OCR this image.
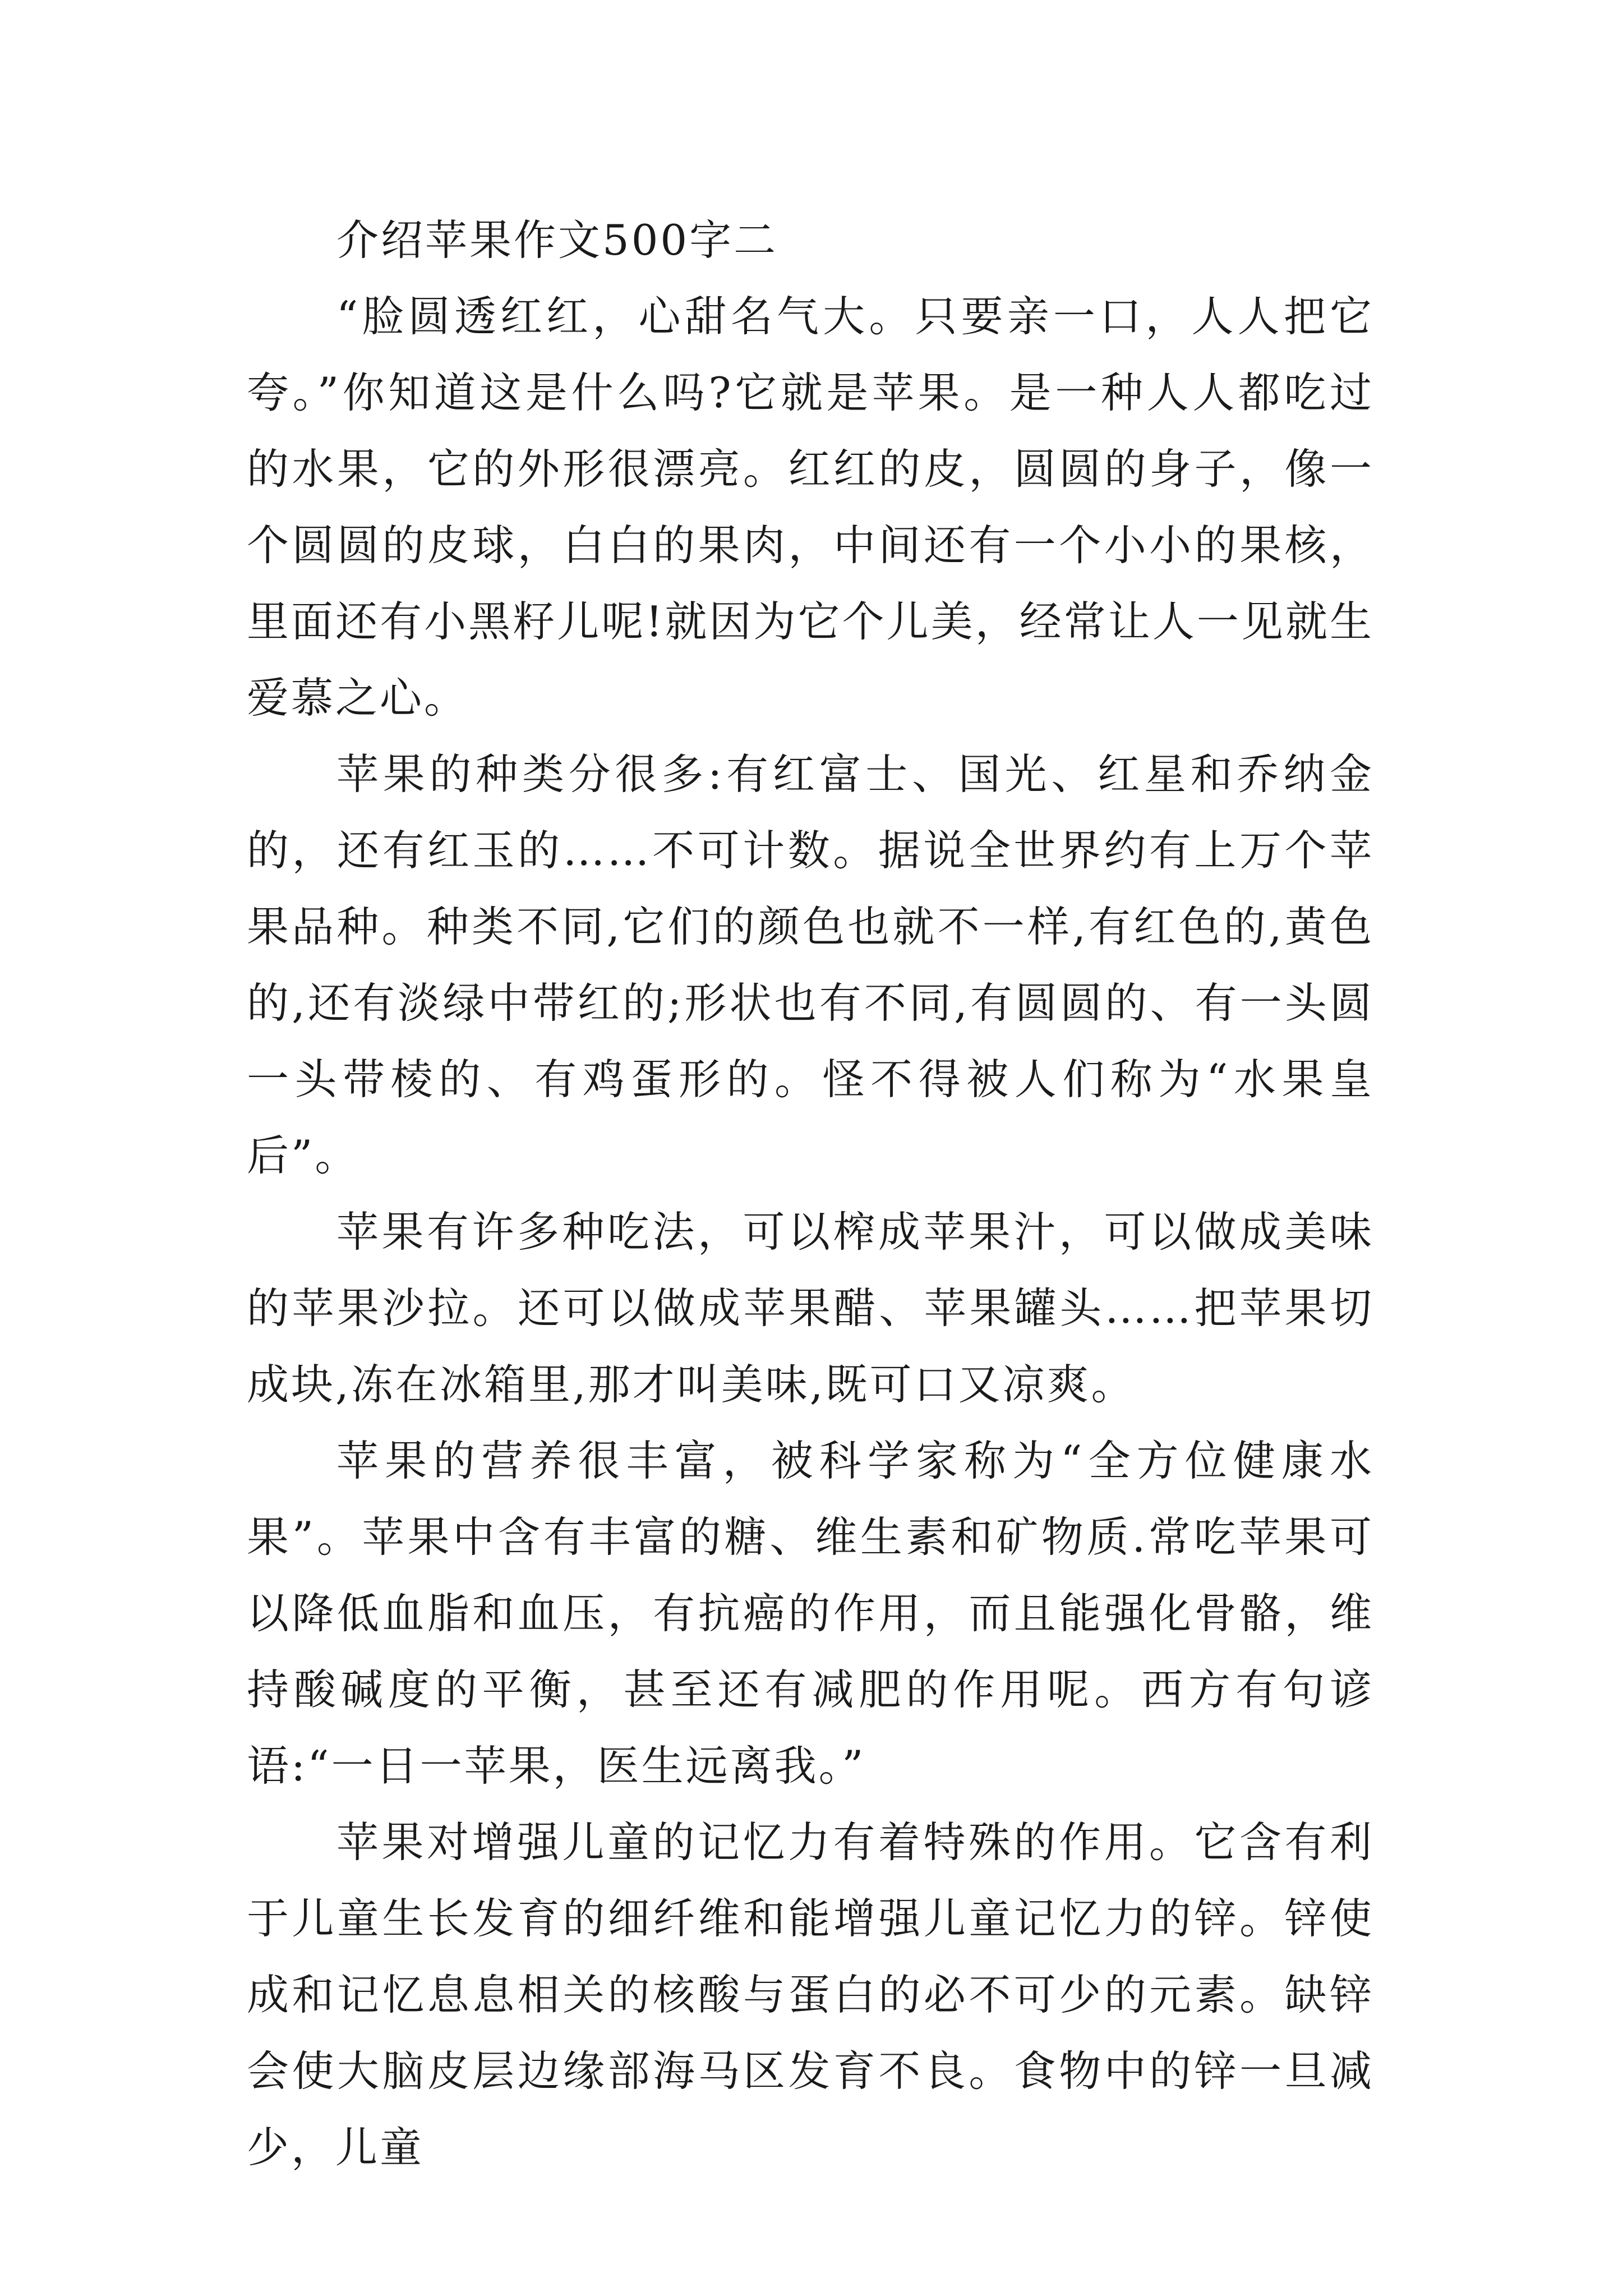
介绍苹果作文500字二

“脸圆透红红，心甜名气大。只要亲一口，人人把它夸。”你知道这是什么吗?它就是苹果。是一种人人都吃过的水果，它的外形很漂亮。红红的皮，圆圆的身子，像一个圆圆的皮球，白白的果肉，中间还有一个小小的果核，里面还有小黑籽儿呢!就因为它个儿美，经常让人一见就生爱慕之心。

苹果的种类分很多:有红富士、国光、红星和乔纳金的，还有红玉的……不可计数。据说全世界约有上万个苹果品种。种类不同,它们的颜色也就不一样,有红色的,黄色的,还有淡绿中带红的;形状也有不同,有圆圆的、有一头圆一头带棱的、有鸡蛋形的。怪不得被人们称为“水果皇后”。

苹果有许多种吃法，可以榨成苹果汁，可以做成美味的苹果沙拉。还可以做成苹果醋、苹果罐头……把苹果切成块,冻在冰箱里,那才叫美味,既可口又凉爽。

苹果的营养很丰富，被科学家称为“全方位健康水果”。苹果中含有丰富的糖、维生素和矿物质.常吃苹果可以降低血脂和血压，有抗癌的作用，而且能强化骨骼，维持酸碱度的平衡，甚至还有减肥的作用呢。西方有句谚语:“一日一苹果，医生远离我。”

苹果对增强儿童的记忆力有着特殊的作用。它含有利于儿童生长发育的细纤维和能增强儿童记忆力的锌。锌使成和记忆息息相关的核酸与蛋白的必不可少的元素。缺锌会使大脑皮层边缘部海马区发育不良。食物中的锌一旦减少，儿童
